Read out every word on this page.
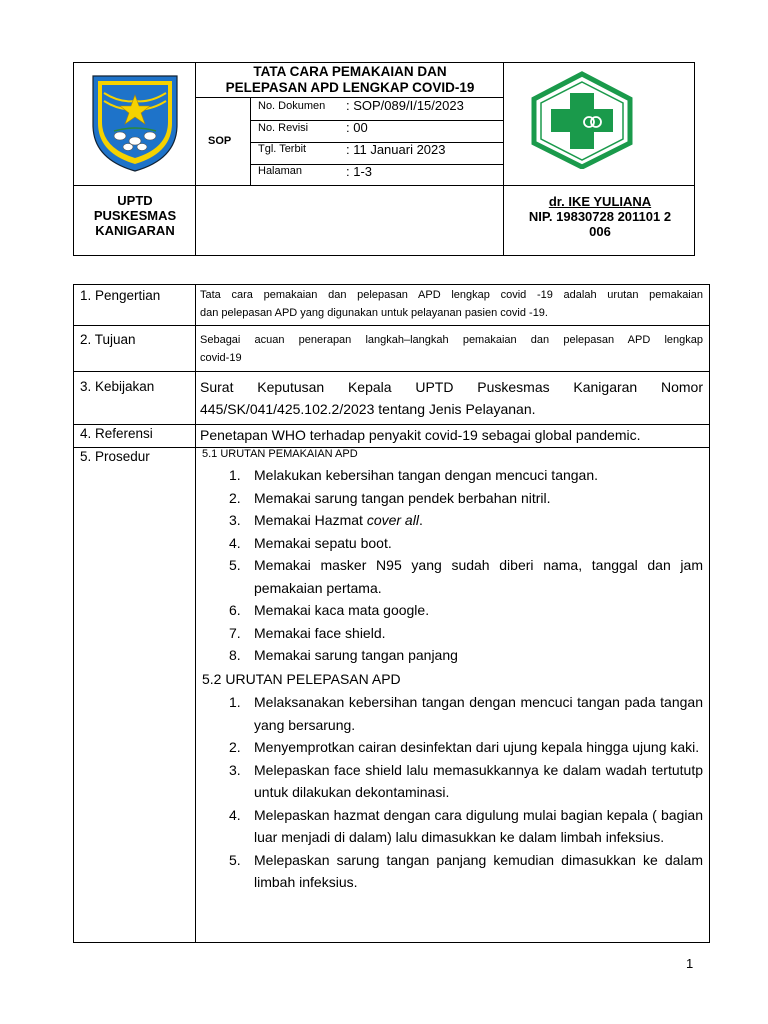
TATA CARA PEMAKAIAN DAN
PELEPASAN APD LENGKAP COVID-19
SOP
No. Dokumen	: SOP/089/I/15/2023
No. Revisi	: 00
Tgl. Terbit	: 11 Januari 2023
Halaman	: 1-3
UPTD
PUSKESMAS
KANIGARAN
dr. IKE YULIANA
NIP. 19830728 201101 2
006
1. Pengertian	Tata cara pemakaian dan pelepasan APD lengkap covid -19 adalah urutan pemakaian
dan pelepasan APD yang digunakan untuk pelayanan pasien covid -19.
2. Tujuan	Sebagai acuan penerapan langkah–langkah pemakaian dan pelepasan APD lengkap
covid-19
3. Kebijakan	Surat Keputusan Kepala UPTD Puskesmas Kanigaran Nomor
445/SK/041/425.102.2/2023 tentang Jenis Pelayanan.
4. Referensi	Penetapan WHO terhadap penyakit covid-19 sebagai global pandemic.
5. Prosedur	5.1 URUTAN PEMAKAIAN APD
1. Melakukan kebersihan tangan dengan mencuci tangan.
2. Memakai sarung tangan pendek berbahan nitril.
3. Memakai Hazmat cover all.
4. Memakai sepatu boot.
5. Memakai masker N95 yang sudah diberi nama, tanggal dan jam pemakaian pertama.
6. Memakai kaca mata google.
7. Memakai face shield.
8. Memakai sarung tangan panjang
5.2 URUTAN PELEPASAN APD
1. Melaksanakan kebersihan tangan dengan mencuci tangan pada tangan yang bersarung.
2. Menyemprotkan cairan desinfektan dari ujung kepala hingga ujung kaki.
3. Melepaskan face shield lalu memasukkannya ke dalam wadah tertututp untuk dilakukan dekontaminasi.
4. Melepaskan hazmat dengan cara digulung mulai bagian kepala ( bagian luar menjadi di dalam) lalu dimasukkan ke dalam limbah infeksius.
5. Melepaskan sarung tangan panjang kemudian dimasukkan ke dalam limbah infeksius.
1
